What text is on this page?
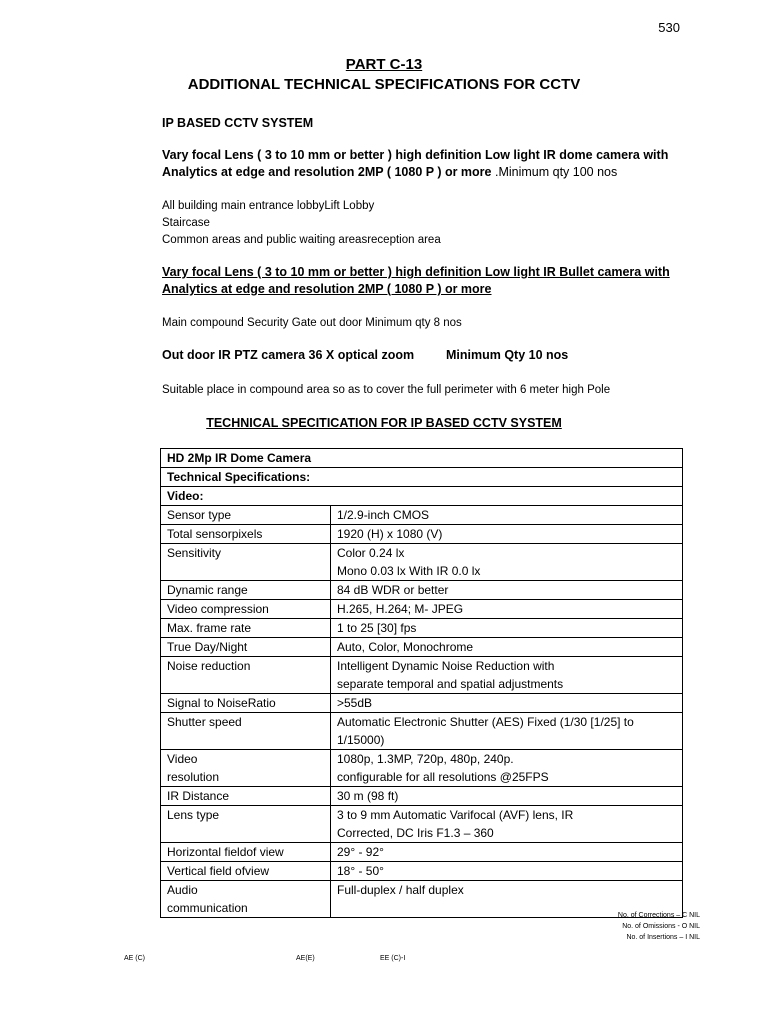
530
PART C-13
ADDITIONAL TECHNICAL SPECIFICATIONS FOR CCTV
IP BASED CCTV SYSTEM
Vary focal Lens ( 3 to 10 mm or better ) high definition Low light IR dome camera with
Analytics at edge and resolution 2MP ( 1080 P ) or more .Minimum qty 100 nos
All building main entrance lobbyLift Lobby
Staircase
Common areas and public waiting areasreception area
Vary focal Lens ( 3 to 10 mm or better ) high definition Low light IR Bullet camera with
Analytics at edge and resolution 2MP ( 1080 P ) or more
Main compound Security Gate out door Minimum qty 8 nos
Out door IR PTZ camera 36 X optical zoom	Minimum Qty 10 nos
Suitable place in compound area so as to cover the full perimeter with 6 meter high Pole
TECHNICAL SPECITICATION FOR IP BASED CCTV SYSTEM
HD 2Mp IR Dome Camera	
Technical Specifications:	
Video:	
Sensor type	1/2.9-inch CMOS
Total sensorpixels	1920 (H) x 1080 (V)
Sensitivity	Color 0.24 lx
Mono 0.03 lx With IR 0.0 lx
Dynamic range	84 dB WDR or better
Video compression	H.265, H.264; M- JPEG
Max. frame rate	1 to 25 [30] fps
True Day/Night	Auto, Color, Monochrome
Noise reduction	Intelligent Dynamic Noise Reduction with
separate temporal and spatial adjustments
Signal to NoiseRatio	>55dB
Shutter speed	Automatic Electronic Shutter (AES) Fixed (1/30 [1/25] to
1/15000)
Video
resolution	1080p, 1.3MP, 720p, 480p, 240p.
configurable for all resolutions @25FPS
IR Distance	30 m (98 ft)
Lens type	3 to 9 mm Automatic Varifocal (AVF) lens, IR
Corrected, DC Iris F1.3 – 360
Horizontal fieldof view	29° - 92°
Vertical field ofview	18° - 50°
Audio
communication	Full-duplex / half duplex
No. of Corrections – C NIL
No. of Omissions - O NIL
No. of Insertions – I NIL
AE (C)	AE(E)	EE (C)-I
